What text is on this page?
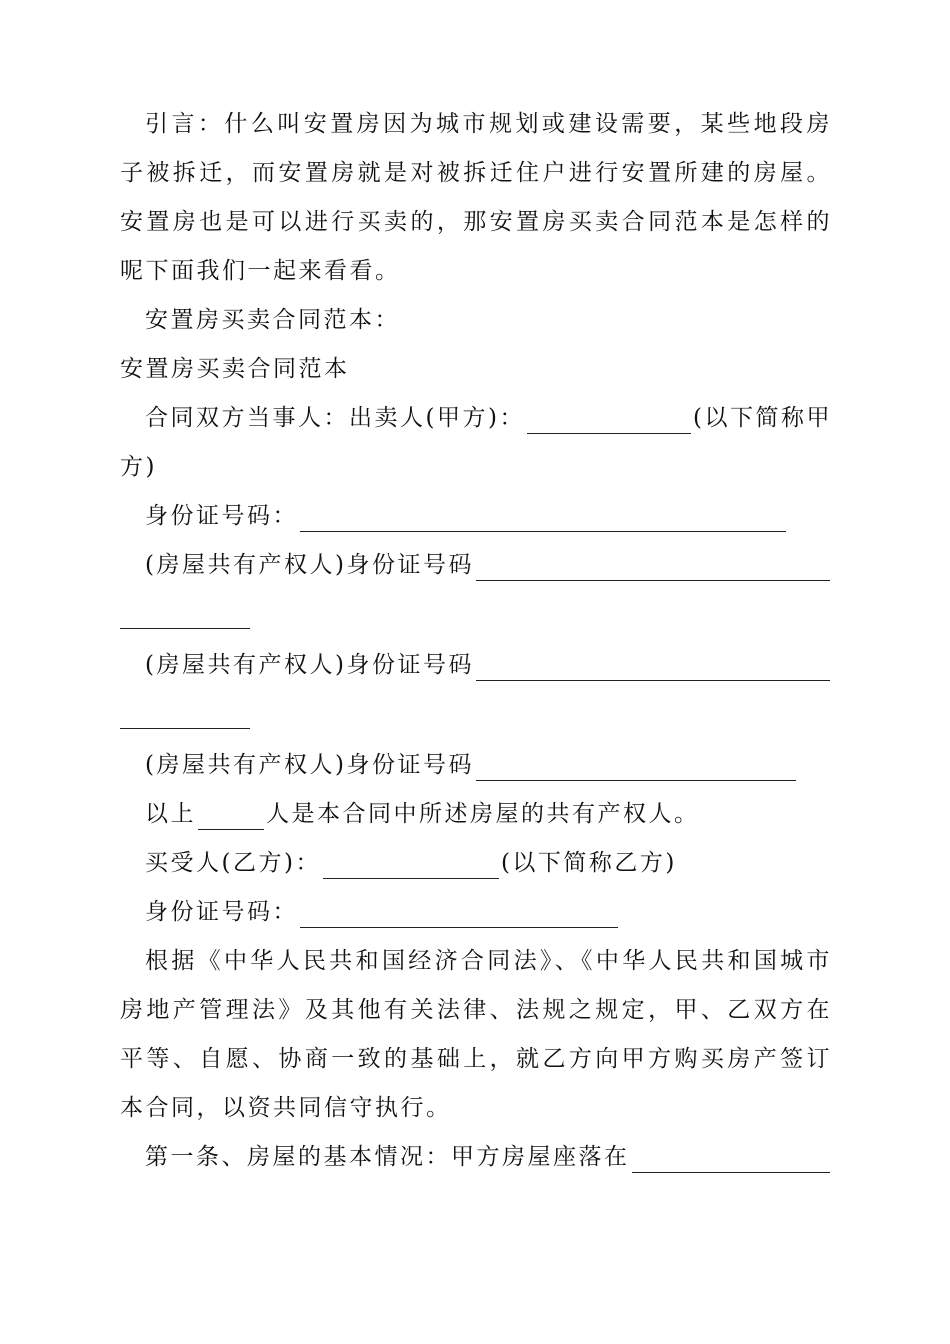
引言：什么叫安置房因为城市规划或建设需要，某些地段房子被拆迁，而安置房就是对被拆迁住户进行安置所建的房屋。安置房也是可以进行买卖的，那安置房买卖合同范本是怎样的呢下面我们一起来看看。

安置房买卖合同范本：

安置房买卖合同范本

合同双方当事人：出卖人(甲方)：	(以下简称甲

方)

身份证号码：
(房屋共有产权人)身份证号码
(房屋共有产权人)身份证号码
(房屋共有产权人)身份证号码
以上	人是本合同中所述房屋的共有产权人。
买受人(乙方)：	(以下简称乙方)
身份证号码：

根据《中华人民共和国经济合同法》、《中华人民共和国城市房地产管理法》及其他有关法律、法规之规定，甲、乙双方在平等、自愿、协商一致的基础上，就乙方向甲方购买房产签订本合同，以资共同信守执行。

第一条、房屋的基本情况：甲方房屋座落在
